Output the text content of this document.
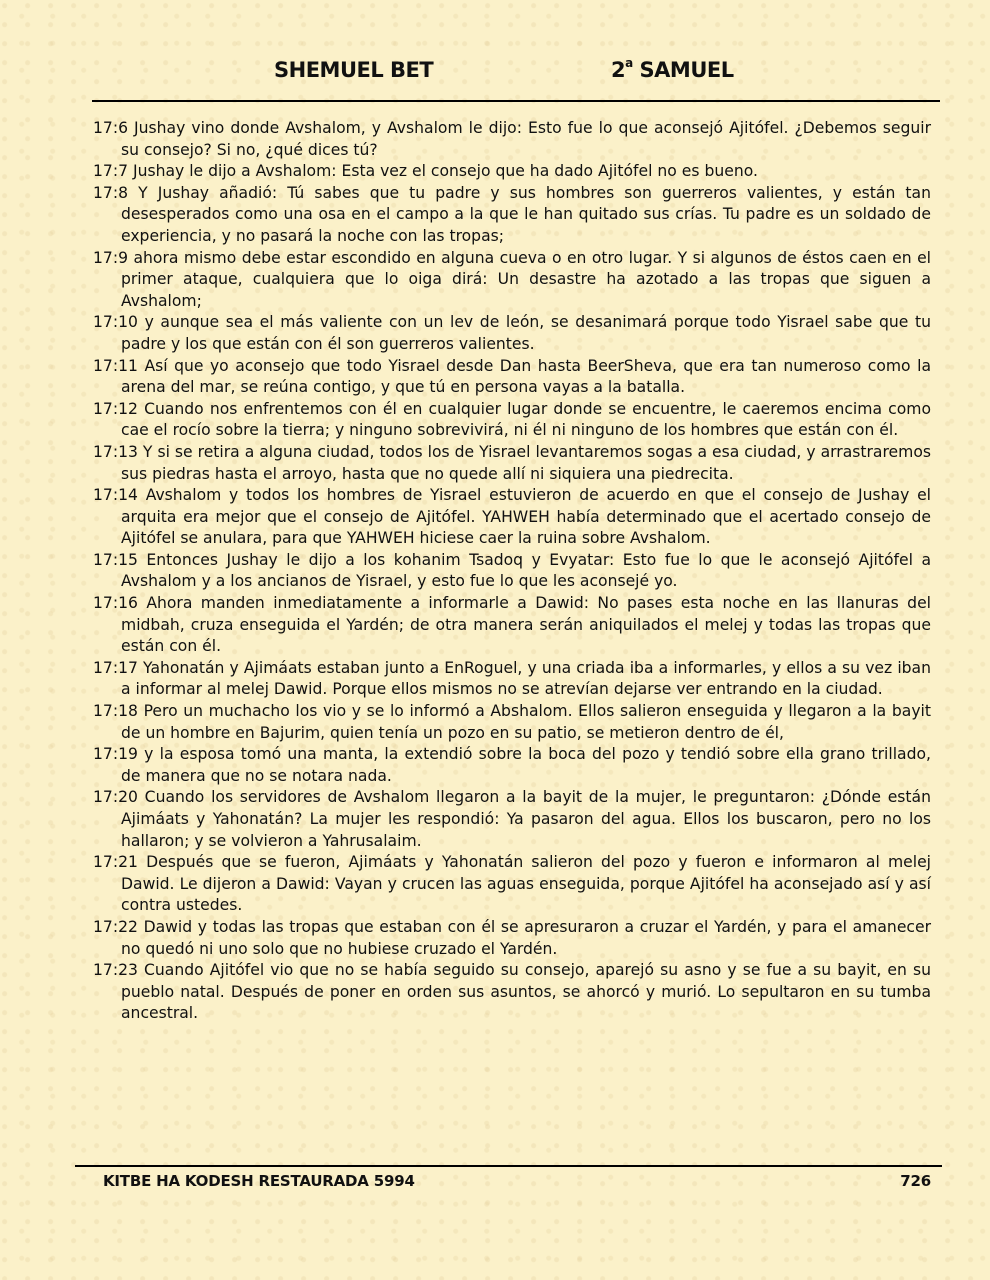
SHEMUEL BET	2$^a$ SAMUEL

17:6 Jushay vino donde Avshalom, y Avshalom le dijo: Esto fue lo que aconsejó Ajitófel. ¿Debemos seguir su consejo? Si no, ¿qué dices tú?

17:7 Jushay le dijo a Avshalom: Esta vez el consejo que ha dado Ajitófel no es bueno.

17:8 Y Jushay añadió: Tú sabes que tu padre y sus hombres son guerreros valientes, y están tan desesperados como una osa en el campo a la que le han quitado sus crías. Tu padre es un soldado de experiencia, y no pasará la noche con las tropas;

17:9 ahora mismo debe estar escondido en alguna cueva o en otro lugar. Y si algunos de éstos caen en el primer ataque, cualquiera que lo oiga dirá: Un desastre ha azotado a las tropas que siguen a Avshalom;

17:10 y aunque sea el más valiente con un lev de león, se desanimará porque todo Yisrael sabe que tu padre y los que están con él son guerreros valientes.

17:11 Así que yo aconsejo que todo Yisrael desde Dan hasta BeerSheva, que era tan numeroso como la arena del mar, se reúna contigo, y que tú en persona vayas a la batalla.

17:12 Cuando nos enfrentemos con él en cualquier lugar donde se encuentre, le caeremos encima como cae el rocío sobre la tierra; y ninguno sobrevivirá, ni él ni ninguno de los hombres que están con él.

17:13 Y si se retira a alguna ciudad, todos los de Yisrael levantaremos sogas a esa ciudad, y arrastraremos sus piedras hasta el arroyo, hasta que no quede allí ni siquiera una piedrecita.

17:14 Avshalom y todos los hombres de Yisrael estuvieron de acuerdo en que el consejo de Jushay el arquita era mejor que el consejo de Ajitófel. YAHWEH había determinado que el acertado consejo de Ajitófel se anulara, para que YAHWEH hiciese caer la ruina sobre Avshalom.

17:15 Entonces Jushay le dijo a los kohanim Tsadoq y Evyatar: Esto fue lo que le aconsejó Ajitófel a Avshalom y a los ancianos de Yisrael, y esto fue lo que les aconsejé yo.

17:16 Ahora manden inmediatamente a informarle a Dawid: No pases esta noche en las llanuras del midbah, cruza enseguida el Yardén; de otra manera serán aniquilados el melej y todas las tropas que están con él.

17:17 Yahonatán y Ajimáats estaban junto a EnRoguel, y una criada iba a informarles, y ellos a su vez iban a informar al melej Dawid. Porque ellos mismos no se atrevían dejarse ver entrando en la ciudad.

17:18 Pero un muchacho los vio y se lo informó a Abshalom. Ellos salieron enseguida y llegaron a la bayit de un hombre en Bajurim, quien tenía un pozo en su patio, se metieron dentro de él,

17:19 y la esposa tomó una manta, la extendió sobre la boca del pozo y tendió sobre ella grano trillado, de manera que no se notara nada.

17:20 Cuando los servidores de Avshalom llegaron a la bayit de la mujer, le preguntaron: ¿Dónde están Ajimáats y Yahonatán? La mujer les respondió: Ya pasaron del agua. Ellos los buscaron, pero no los hallaron; y se volvieron a Yahrusalaim.

17:21 Después que se fueron, Ajimáats y Yahonatán salieron del pozo y fueron e informaron al melej Dawid. Le dijeron a Dawid: Vayan y crucen las aguas enseguida, porque Ajitófel ha aconsejado así y así contra ustedes.

17:22 Dawid y todas las tropas que estaban con él se apresuraron a cruzar el Yardén, y para el amanecer no quedó ni uno solo que no hubiese cruzado el Yardén.

17:23 Cuando Ajitófel vio que no se había seguido su consejo, aparejó su asno y se fue a su bayit, en su pueblo natal. Después de poner en orden sus asuntos, se ahorcó y murió. Lo sepultaron en su tumba ancestral.

KITBE HA KODESH RESTAURADA 5994	726
